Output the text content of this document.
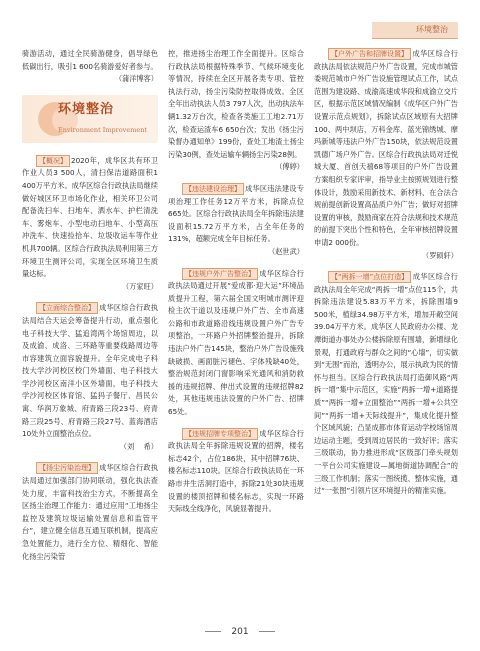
环境整治

骑游活动，通过全民骑游健身，倡导绿色低碳出行，吸引1 600名骑游爱好者参与。
（蒲洋博客）

环境整治
Environment Improvement

【概况】 2020年，成华区共有环卫作业人员3 500人，清扫保洁道路面积1 400万平方米。成华区综合行政执法局继续做好城区环卫市场化作业，相关环卫公司配备洗扫车、扫地车、洒水车、护栏清洗车、雾炮车、小型电动扫地车、小型高压冲洗车、快速捡拾车、垃圾收运车等作业机具700辆。区综合行政执法局利用第三方环境卫生测评公司，实现全区环境卫生质量达标。
（万家旺）

【立面综合整治】 成华区综合行政执法局结合天运会筹备提升行动，重点强化电子科技大学、猛追湾两个场馆周边，以及成渝、成洛、三环路等重要线路周边等市容建筑立面容貌提升。全年完成电子科技大学沙河校区校门外墙面、电子科技大学沙河校区南洋小区外墙面，电子科技大学沙河校区体育馆、猛犸子餐厅、昌民公寓、华润万象城、府青路三段23号、府青路三段25号、府青路三段27号、蓝海酒店10处外立面整治点位。
（刘　 希）

【扬尘污染治理】 成华区综合行政执法局通过加强部门协同联动，强化执法查处力度，丰富科技治尘方式，不断提高全区扬尘治理工作能力：通过应用“工地扬尘监控及建筑垃圾运输处置信息和监管平台”，建立健全信息互通互联机制，提高应急处置能力，进行全方位、精细化、智能化扬尘污染管

控，推进扬尘治理工作全面提升。区综合行政执法局根据特殊季节、气候环境变化等情况，持续在全区开展各类专项、管控执法行动，扬尘污染防控取得成效。全区全年出动执法人员3 797人次，出动执法车辆1.32万台次，检查各类施工工地2.71万次，检查运渣车6 650台次；发出《扬尘污染督办通知单》199份，查处工地渣土扬尘污染30例，查处运输车辆扬尘污染28例。
（傅婷）

【违法建设治理】 成华区违法建设专项治理工作任务12万平方米，拆除点位665处。区综合行政执法局全年拆除违法建设面积15.72万平方米，占全年任务的131%，超额完成全年目标任务。
（赵世武）

【违规户外广告整治】 成华区综合行政执法局通过开展“爱成都·迎大运”环境品质提升工程，第六届全国文明城市测评迎检主次干道以及违规户外广告、全市高速公路和市政道路沿线违规设置户外广告专项整治，一环路户外招牌整治提升，拆除违法户外广告145块，整治户外广告设施残缺破损、画面脏污褪色、字体残缺40处，整治规范封闭门窗影响采光通风和消防救援的违规招牌、伸出式设置的违规招牌82处，其他违规违法设置的户外广告、招牌65处。

【违规招牌专项整治】 成华区综合行政执法局全年拆除违规设置的招牌，楼名标志42个，占位186块，其中招牌76块、楼名标志110块。区综合行政执法局在一环路市井生活洞打造中，拆除21处30块违规设置的楼顶招牌和楼名标志，实现一环路天际线全线净化，风貌显著提升。

【户外广告和招牌设置】 成华区综合行政执法局依法规范户外广告设置，完成市城管委规范城市户外广告设施管理试点工作，试点范围为建设路、成渝高速成华段和成渝立交片区，根据示范区域情况编制《成华区户外广告设置示范点规划》，拆除试点区域原有大招牌100、两中坝店、万科金库、蓝光锦绣城、摩玛新城等违法户外广告150块，依法规范设置凯德广场户外广告。区综合行政执法局对迁悦城大厦、首创天禧68等项目的户外广告设置方案组织专家评审，指导业主按照规划进行整体设计，鼓励采用新技术、新材料、在合法合规前提创新设置高品质户外广告；做好对招牌设置的审核，鼓励商家在符合法规和技术规范的前提下突出个性和特色，全年审核招牌设置申请2 000份。
（罗硕轩）

【“两拆一增”点位打造】 成华区综合行政执法局全年完成“两拆一增”点位115个，共拆除违法建设5.83万平方米，拆除围墙9 500米，植绿34.98万平方米，增加开敞空间39.04万平方米。成华区人民政府办公楼、龙潭街道办事处办公楼拆除原有围墙，新增绿化景观，打通政府与群众之间的“心墙”，切实做到“无围”而治，透明办公，展示执政为民的情怀与担当。区综合行政执法局打造御风路“两拆一增”集中示范区，实施“两拆一增+道路提质”“两拆一增+立面整治”“两拆一增+公共空间”“两拆一增+天际线提升”，集成化提升整个区域风貌；凸显成都市体育运动学校场馆周边运动主题，受到周边居民的一致好评；落实三级联动，协力推进形成“区级部门牵头规划一平台公司实施建设—属地街道协调配合”的三级工作机制；落实一图统揽、整体实施，通过“一张图”引领片区环境提升的精准实施。

201
